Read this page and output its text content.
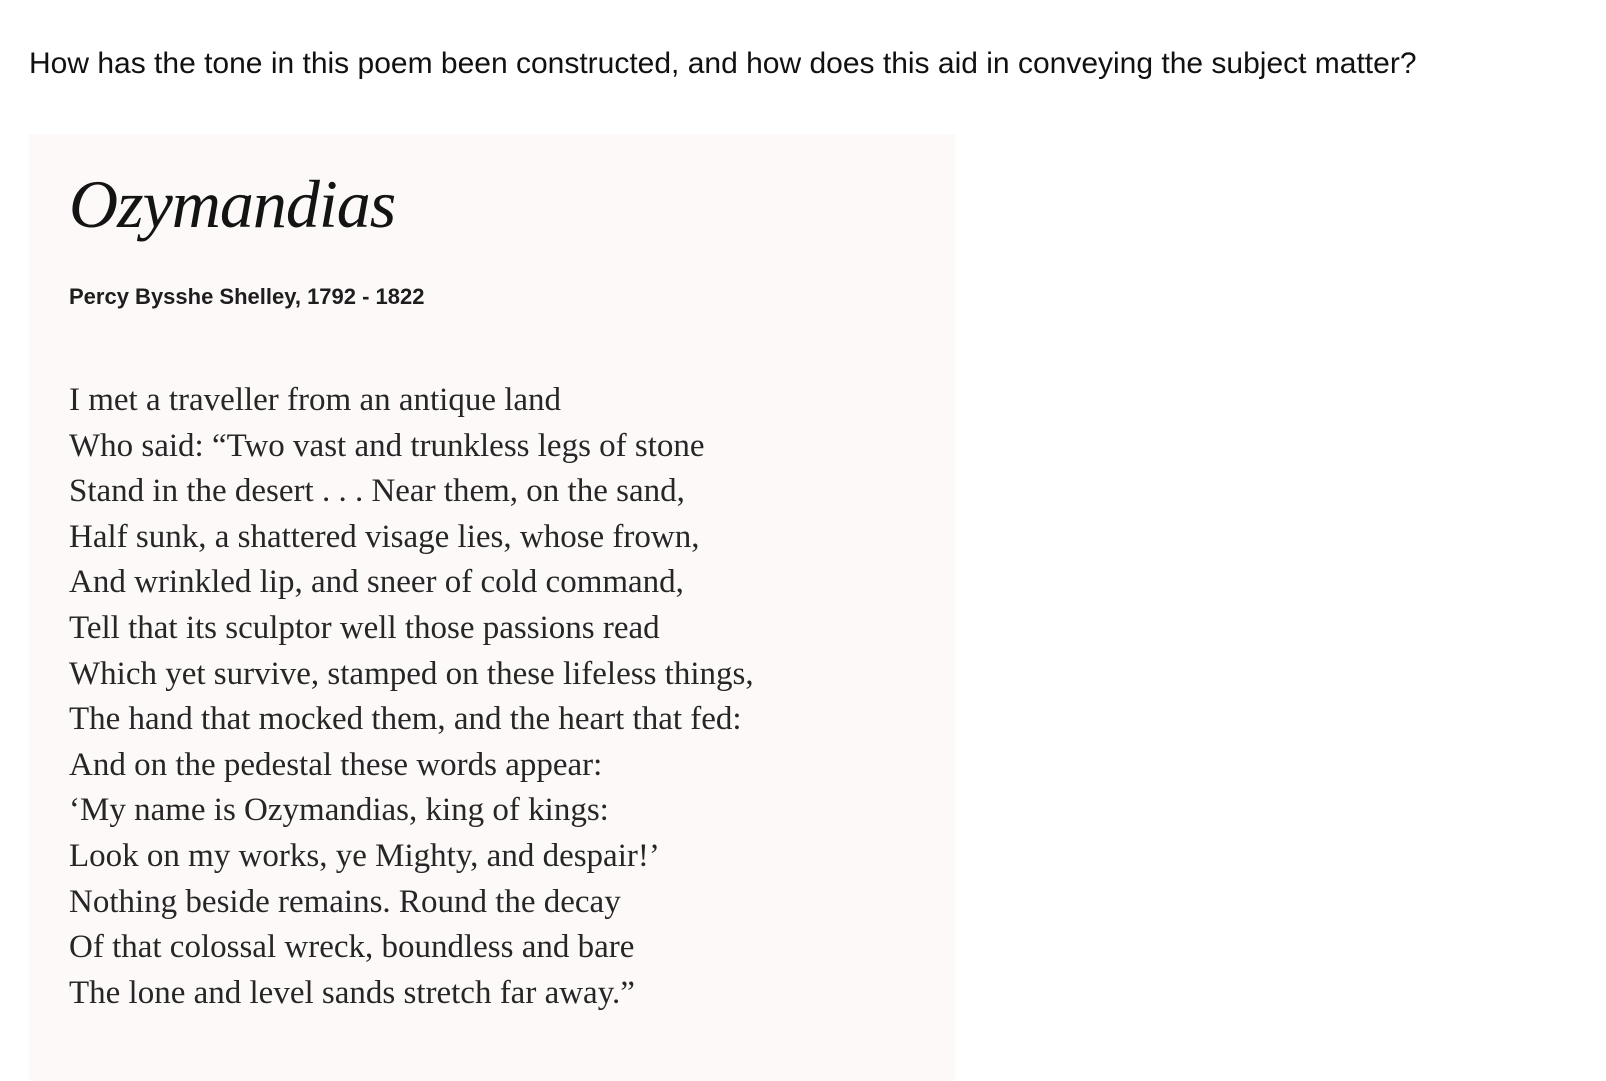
How has the tone in this poem been constructed, and how does this aid in conveying the subject matter?

Ozymandias

Percy Bysshe Shelley, 1792 - 1822

I met a traveller from an antique land
Who said: “Two vast and trunkless legs of stone
Stand in the desert . . . Near them, on the sand,
Half sunk, a shattered visage lies, whose frown,
And wrinkled lip, and sneer of cold command,
Tell that its sculptor well those passions read
Which yet survive, stamped on these lifeless things,
The hand that mocked them, and the heart that fed:
And on the pedestal these words appear:
‘My name is Ozymandias, king of kings:
Look on my works, ye Mighty, and despair!’
Nothing beside remains. Round the decay
Of that colossal wreck, boundless and bare
The lone and level sands stretch far away.”
